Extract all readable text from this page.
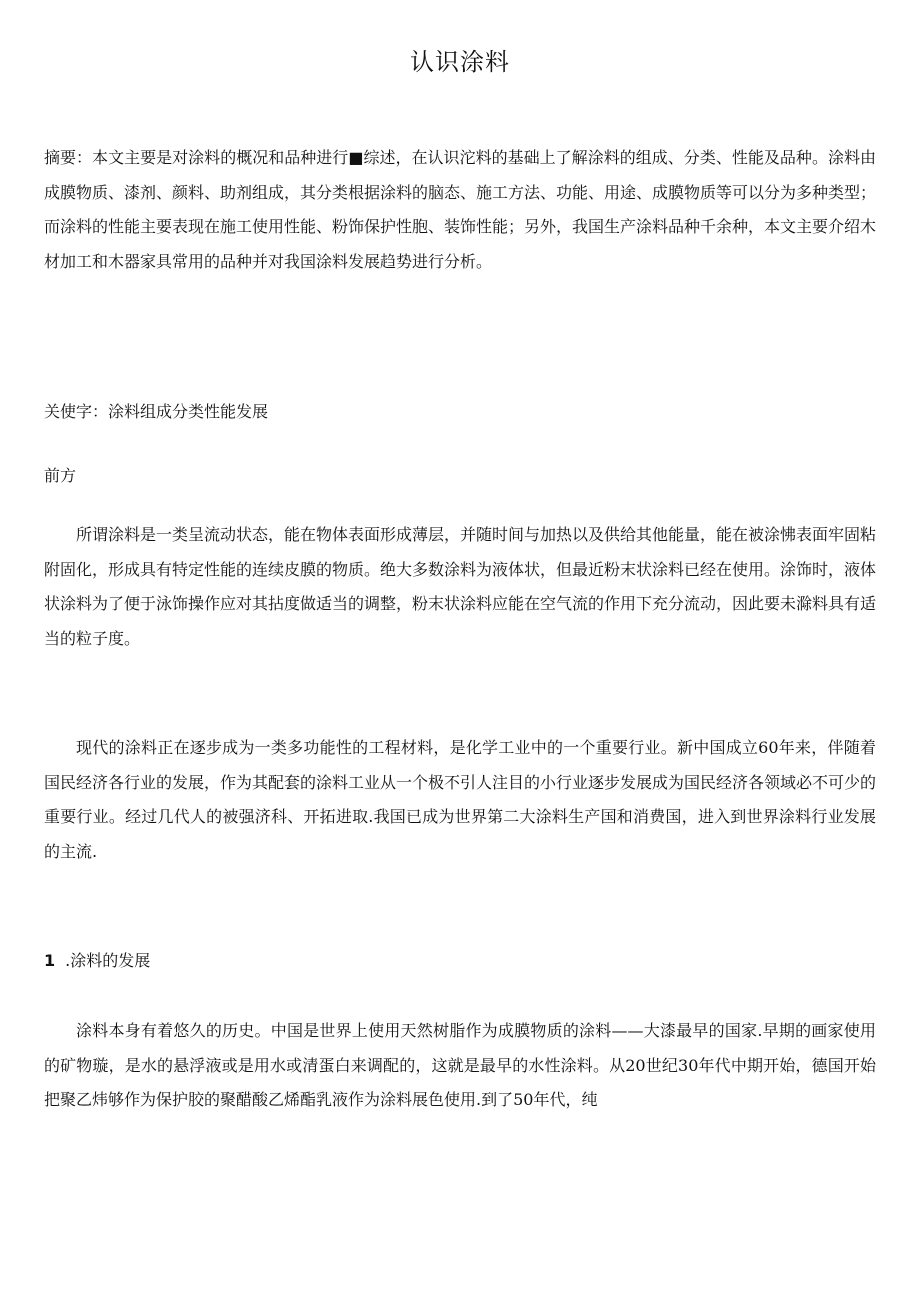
认识涂料

摘要：本文主要是对涂料的概况和品种进行■综述，在认识沱料的基础上了解涂料的组成、分类、性能及品种。涂料由成膜物质、漆剂、颜料、助剂组成，其分类根据涂料的脑态、施工方法、功能、用途、成膜物质等可以分为多种类型；而涂料的性能主要表现在施工使用性能、粉饰保护性胞、装饰性能；另外，我国生产涂料品种千余种，本文主要介绍木材加工和木器家具常用的品种并对我国涂料发展趋势进行分析。

关使字：涂料组成分类性能发展

前方

所谓涂料是一类呈流动状态，能在物体表面形成薄层，并随时间与加热以及供给其他能量，能在被涂怫表面牢固粘附固化，形成具有特定性能的连续皮膜的物质。绝大多数涂料为液体状，但最近粉末状涂料已经在使用。涂饰时，液体状涂料为了便于泳饰操作应对其拈度做适当的调整，粉末状涂料应能在空气流的作用下充分流动，因此要未滁料具有适当的粒子度。

现代的涂料正在逐步成为一类多功能性的工程材料，是化学工业中的一个重要行业。新中国成立60年来，伴随着国民经济各行业的发展，作为其配套的涂料工业从一个极不引人注目的小行业逐步发展成为国民经济各领域必不可少的重要行业。经过几代人的被强济科、开拓进取.我国已成为世界第二大涂料生产国和消费国，进入到世界涂料行业发展的主流.

1 .涂料的发展

涂料本身有着悠久的历史。中国是世界上使用天然树脂作为成膜物质的涂料——大漆最早的国家.早期的画家使用的矿物璇，是水的悬浮液或是用水或清蛋白来调配的，这就是最早的水性涂料。从20世纪30年代中期开始，德国开始把聚乙炜够作为保护胶的聚醋酸乙烯酯乳液作为涂料展色使用.到了50年代，纯
